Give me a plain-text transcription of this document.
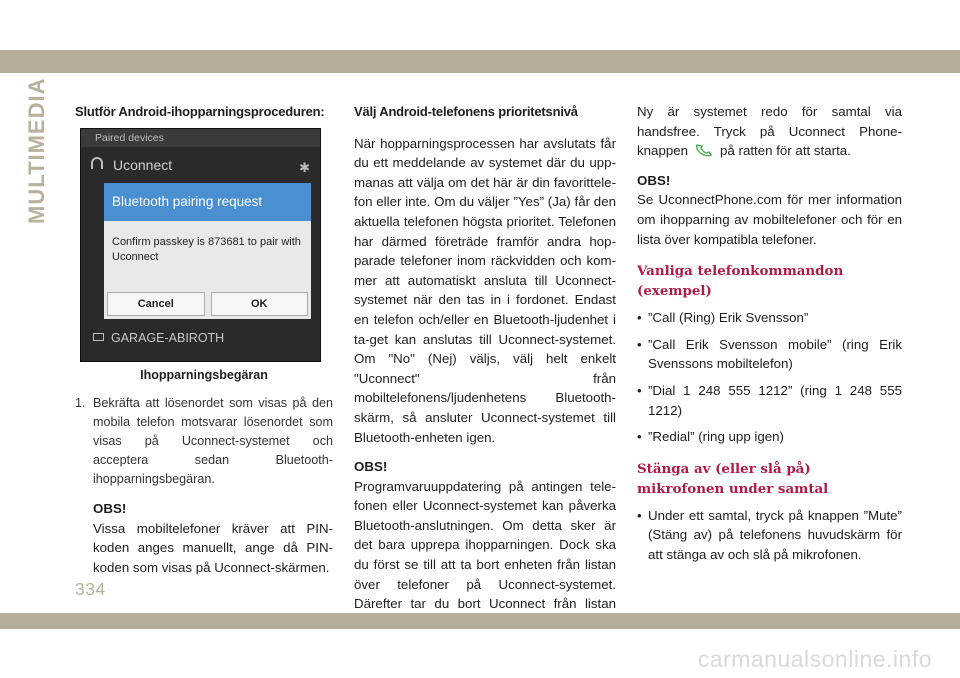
MULTIMEDIA	Slutför Android-ihopparningsproceduren:
Paired devices
Uconnect	✱
Bluetooth pairing request
Confirm passkey is 873681 to pair with Uconnect
Cancel	OK
GARAGE-ABIROTH
Ihopparningsbegäran
1. Bekräfta att lösenordet som visas på den mobila telefon motsvarar lösenordet som visas på Uconnect-systemet och acceptera sedan Bluetooth-ihopparningsbegäran.
OBS!
Vissa mobiltelefoner kräver att PIN-koden anges manuellt, ange då PIN-koden som visas på Uconnect-skärmen.
Välj Android-telefonens prioritetsnivå
När hopparningsprocessen har avslutats får du ett meddelande av systemet där du upp-manas att välja om det här är din favorittele-fon eller inte. Om du väljer ”Yes” (Ja) får den aktuella telefonen högsta prioritet. Telefonen har därmed företräde framför andra hop-parade telefoner inom räckvidden och kom-mer att automatiskt ansluta till Uconnect-systemet när den tas in i fordonet. Endast en telefon och/eller en Bluetooth-ljudenhet i ta-get kan anslutas till Uconnect-systemet. Om "No" (Nej) väljs, välj helt enkelt "Uconnect" från mobiltelefonens/ljudenhetens Bluetooth-skärm, så ansluter Uconnect-systemet till Bluetooth-enheten igen.
OBS!
Programvaruuppdatering på antingen tele-fonen eller Uconnect-systemet kan påverka Bluetooth-anslutningen. Om detta sker är det bara upprepa ihopparningen. Dock ska du först se till att ta bort enheten från listan över telefoner på Uconnect-systemet. Därefter tar du bort Uconnect från listan
Ny är systemet redo för samtal via handsfree. Tryck på Uconnect Phone-knappen på ratten för att starta.
OBS!
Se UconnectPhone.com för mer information om ihopparning av mobiltelefoner och för en lista över kompatibla telefoner.
Vanliga telefonkommandon (exempel)
• ”Call (Ring) Erik Svensson”
• ”Call Erik Svensson mobile” (ring Erik Svenssons mobiltelefon)
• ”Dial 1 248 555 1212” (ring 1 248 555 1212)
• ”Redial” (ring upp igen)
Stänga av (eller slå på) mikrofonen under samtal
• Under ett samtal, tryck på knappen ”Mute” (Stäng av) på telefonens huvudskärm för att stänga av och slå på mikrofonen.
334
carmanualsonline.info
